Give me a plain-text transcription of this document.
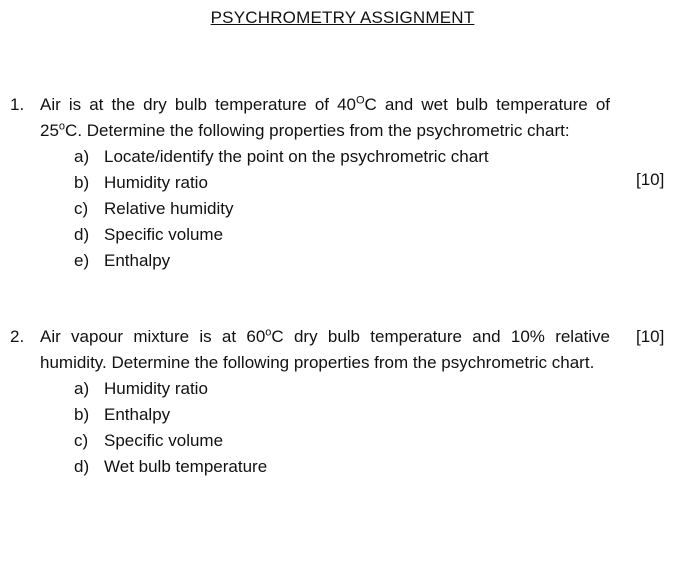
PSYCHROMETRY ASSIGNMENT
1. Air is at the dry bulb temperature of $40^OC$ and wet bulb temperature of 25$^o$C. Determine the following properties from the psychrometric chart:
a) Locate/identify the point on the psychrometric chart
b) Humidity ratio
c) Relative humidity
d) Specific volume
e) Enthalpy
[10]
2. Air vapour mixture is at 60$^o$C dry bulb temperature and 10% relative humidity. Determine the following properties from the psychrometric chart.
a) Humidity ratio
b) Enthalpy
c) Specific volume
d) Wet bulb temperature
[10]
